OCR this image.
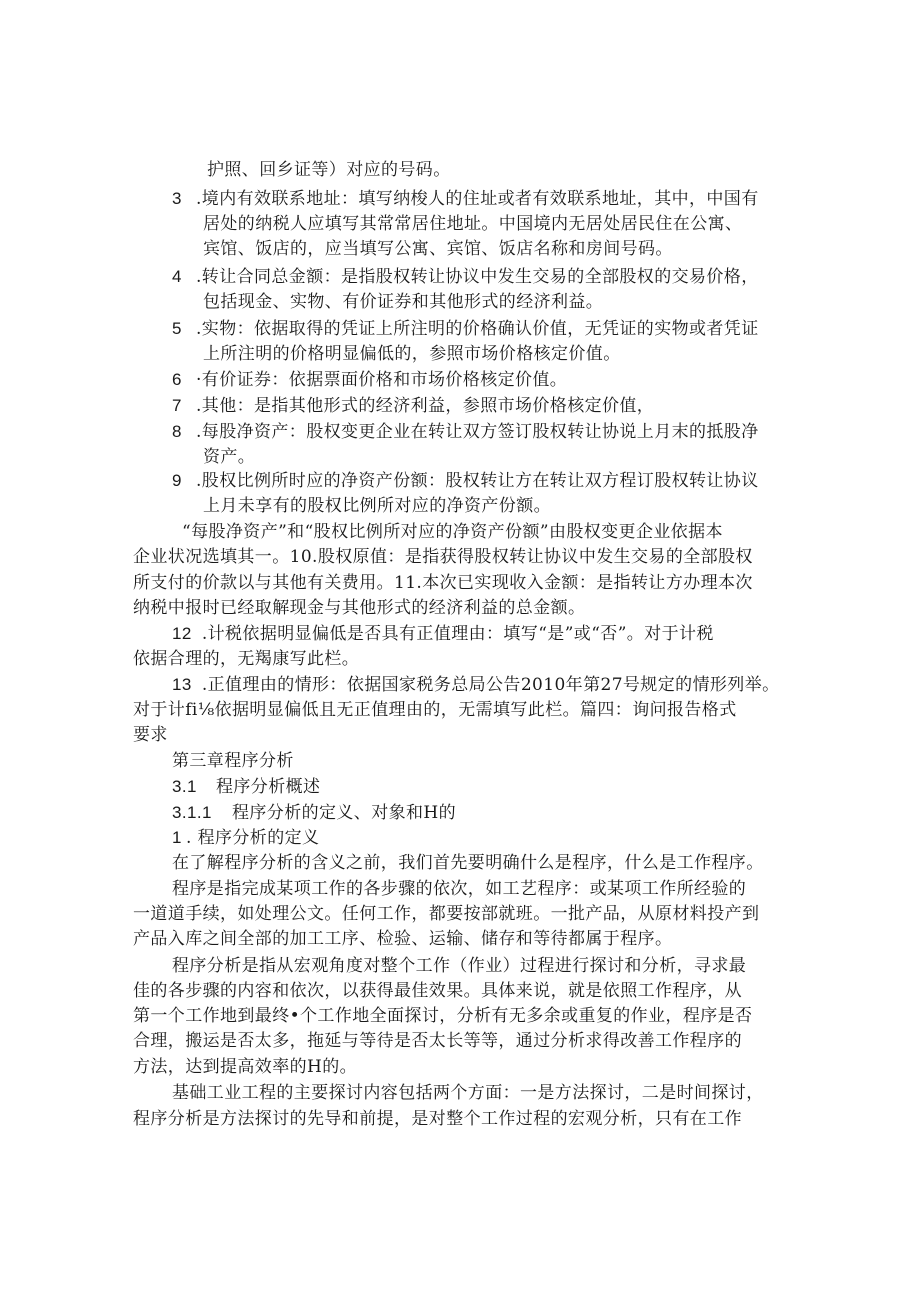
护照、回乡证等）对应的号码。
3 .境内有效联系地址：填写纳梭人的住址或者有效联系地址，其中，中国有
居处的纳税人应填写其常常居住地址。中国境内无居处居民住在公寓、
宾馆、饭店的，应当填写公寓、宾馆、饭店名称和房间号码。
4 .转让合同总金额：是指股权转让协议中发生交易的全部股权的交易价格，
包括现金、实物、有价证券和其他形式的经济利益。
5 .实物：依据取得的凭证上所注明的价格确认价值，无凭证的实物或者凭证
上所注明的价格明显偏低的，参照市场价格核定价值。
6 ·有价证券：依据票面价格和市场价格核定价值。
7 .其他：是指其他形式的经济利益，参照市场价格核定价值，
8 .每股净资产：股权变更企业在转让双方签订股权转让协说上月末的抵股净
资产。
9 .股权比例所时应的净资产份额：股权转让方在转让双方程订股权转让协议
上月未享有的股权比例所对应的净资产份额。
“每股净资产”和“股权比例所对应的净资产份额”由股权变更企业依据本
企业状况选填其一。10.股权原值：是指获得股权转让协议中发生交易的全部股权
所支付的价款以与其他有关费用。11.本次已实现收入金额：是指转让方办理本次
纳税中报时已经取解现金与其他形式的经济利益的总金额。
12 .计税依据明显偏低是否具有正值理由：填写“是”或“否”。对于计税
依据合理的，无羯康写此栏。
13 .正值理由的情形：依据国家税务总局公告2010年第27号规定的情形列举。
对于计fi⅛依据明显偏低且无正值理由的，无需填写此栏。篇四：询问报告格式
要求
第三章程序分析
3.1 程序分析概述
3.1.1 程序分析的定义、对象和H的
1 . 程序分析的定义
在了解程序分析的含义之前，我们首先要明确什么是程序，什么是工作程序。
程序是指完成某项工作的各步骤的依次，如工艺程序：或某项工作所经验的
一道道手续，如处理公文。任何工作，都要按部就班。一批产品，从原材料投产到
产品入库之间全部的加工工序、检验、运输、储存和等待都属于程序。
程序分析是指从宏观角度对整个工作（作业）过程进行探讨和分析，寻求最
佳的各步骤的内容和依次，以获得最佳效果。具体来说，就是依照工作程序，从
第一个工作地到最终•个工作地全面探讨，分析有无多余或重复的作业，程序是否
合理，搬运是否太多，拖延与等待是否太长等等，通过分析求得改善工作程序的
方法，达到提高效率的H的。
基础工业工程的主要探讨内容包括两个方面：一是方法探讨，二是时间探讨，
程序分析是方法探讨的先导和前提，是对整个工作过程的宏观分析，只有在工作
